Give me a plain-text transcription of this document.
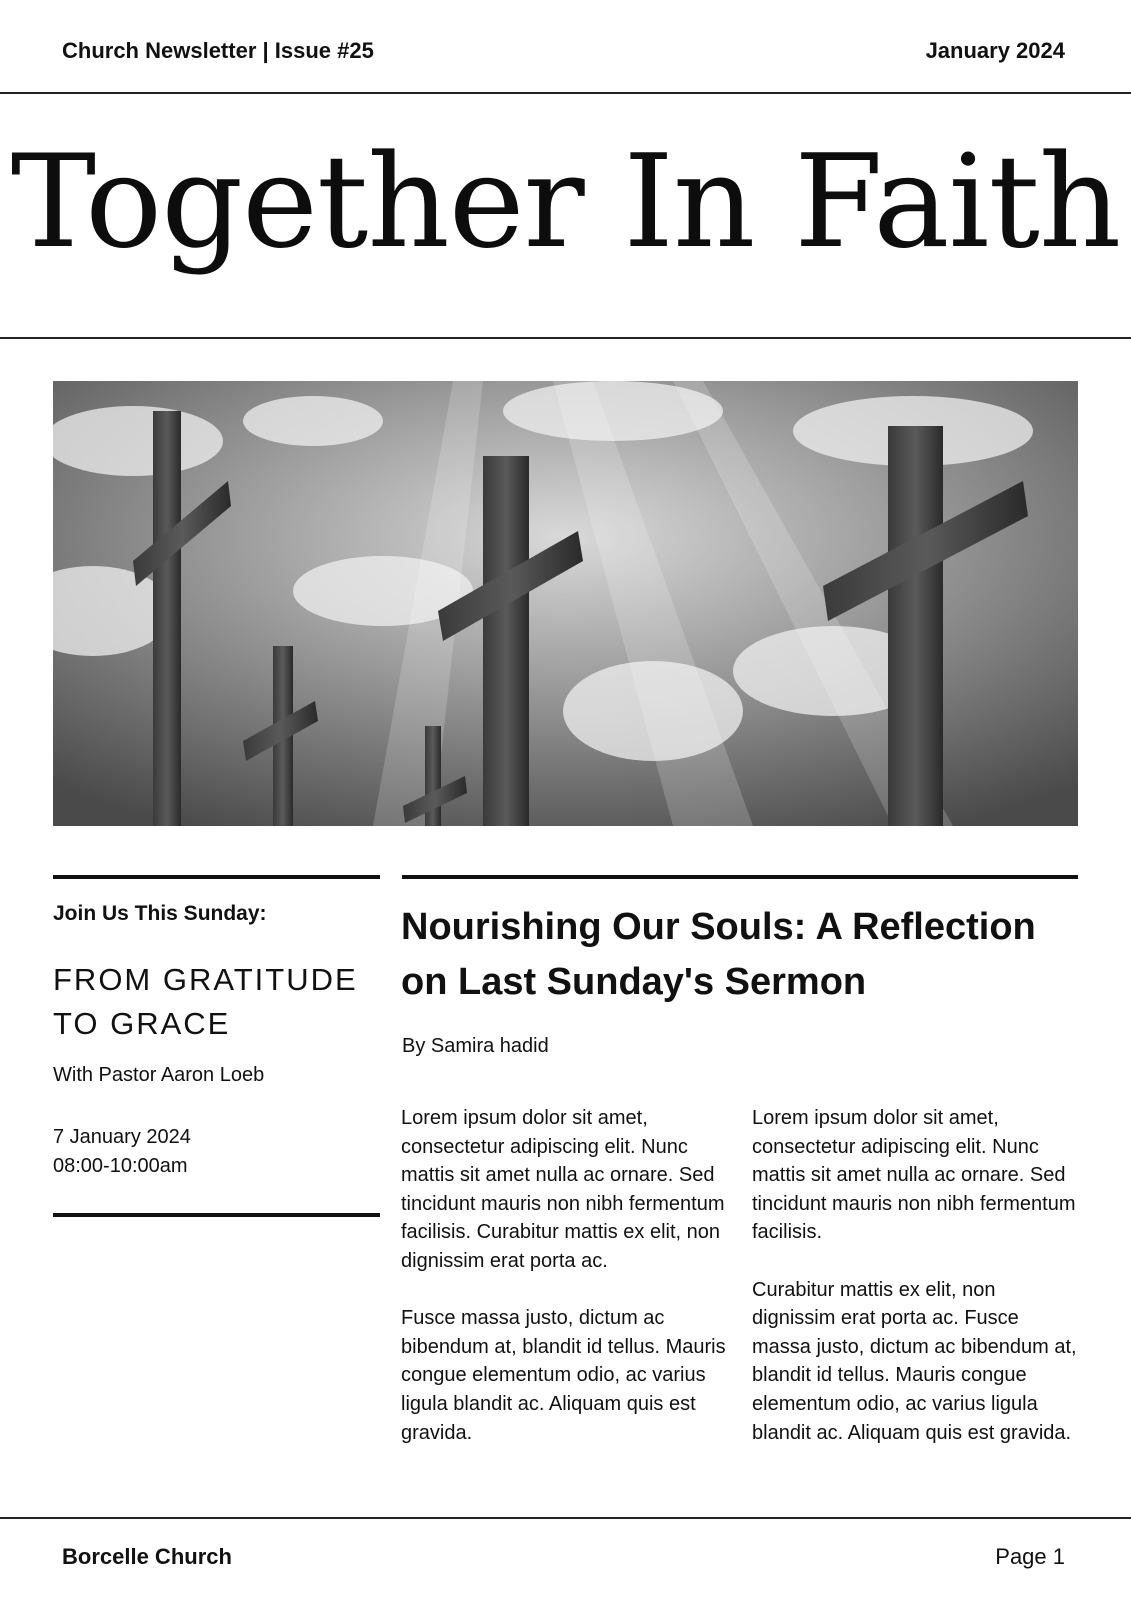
Church Newsletter | Issue #25	January 2024
Together In Faith
Join Us This Sunday:
FROM GRATITUDE
TO GRACE
With Pastor Aaron Loeb
7 January 2024
08:00-10:00am
Nourishing Our Souls: A Reflection
on Last Sunday's Sermon
By Samira hadid

Lorem ipsum dolor sit amet, consectetur adipiscing elit. Nunc mattis sit amet nulla ac ornare. Sed tincidunt mauris non nibh fermentum facilisis. Curabitur mattis ex elit, non dignissim erat porta ac.

Fusce massa justo, dictum ac bibendum at, blandit id tellus. Mauris congue elementum odio, ac varius ligula blandit ac. Aliquam quis est gravida.

Lorem ipsum dolor sit amet, consectetur adipiscing elit. Nunc mattis sit amet nulla ac ornare. Sed tincidunt mauris non nibh fermentum facilisis.

Curabitur mattis ex elit, non dignissim erat porta ac. Fusce massa justo, dictum ac bibendum at, blandit id tellus. Mauris congue elementum odio, ac varius ligula blandit ac. Aliquam quis est gravida.

Borcelle Church	Page 1
